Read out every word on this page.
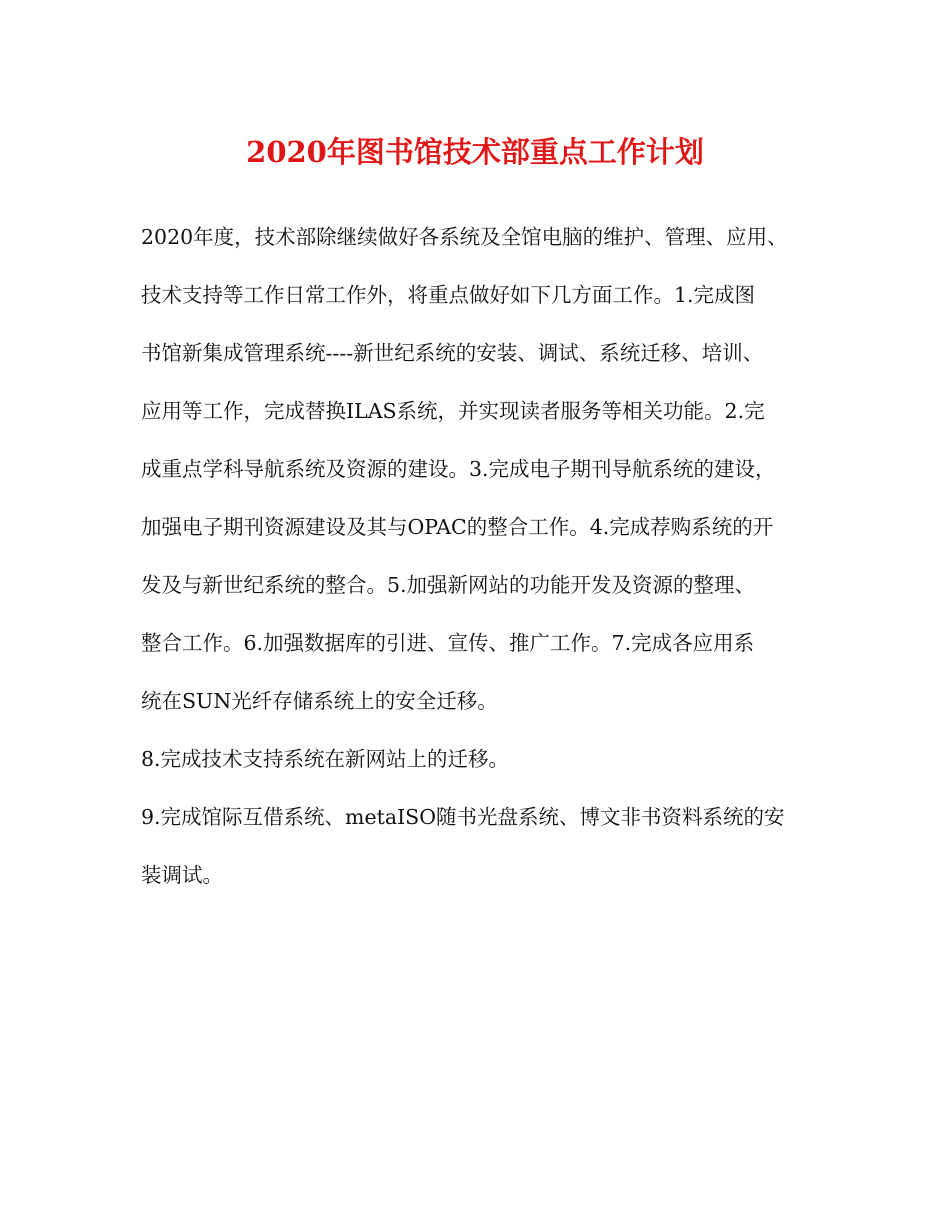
2020年图书馆技术部重点工作计划

2020年度，技术部除继续做好各系统及全馆电脑的维护、管理、应用、

技术支持等工作日常工作外，将重点做好如下几方面工作。1.完成图

书馆新集成管理系统----新世纪系统的安装、调试、系统迁移、培训、

应用等工作，完成替换ILAS系统，并实现读者服务等相关功能。2.完

成重点学科导航系统及资源的建设。3.完成电子期刊导航系统的建设，

加强电子期刊资源建设及其与OPAC的整合工作。4.完成荐购系统的开

发及与新世纪系统的整合。5.加强新网站的功能开发及资源的整理、

整合工作。6.加强数据库的引进、宣传、推广工作。7.完成各应用系

统在SUN光纤存储系统上的安全迁移。

8.完成技术支持系统在新网站上的迁移。

9.完成馆际互借系统、metaISO随书光盘系统、博文非书资料系统的安

装调试。
